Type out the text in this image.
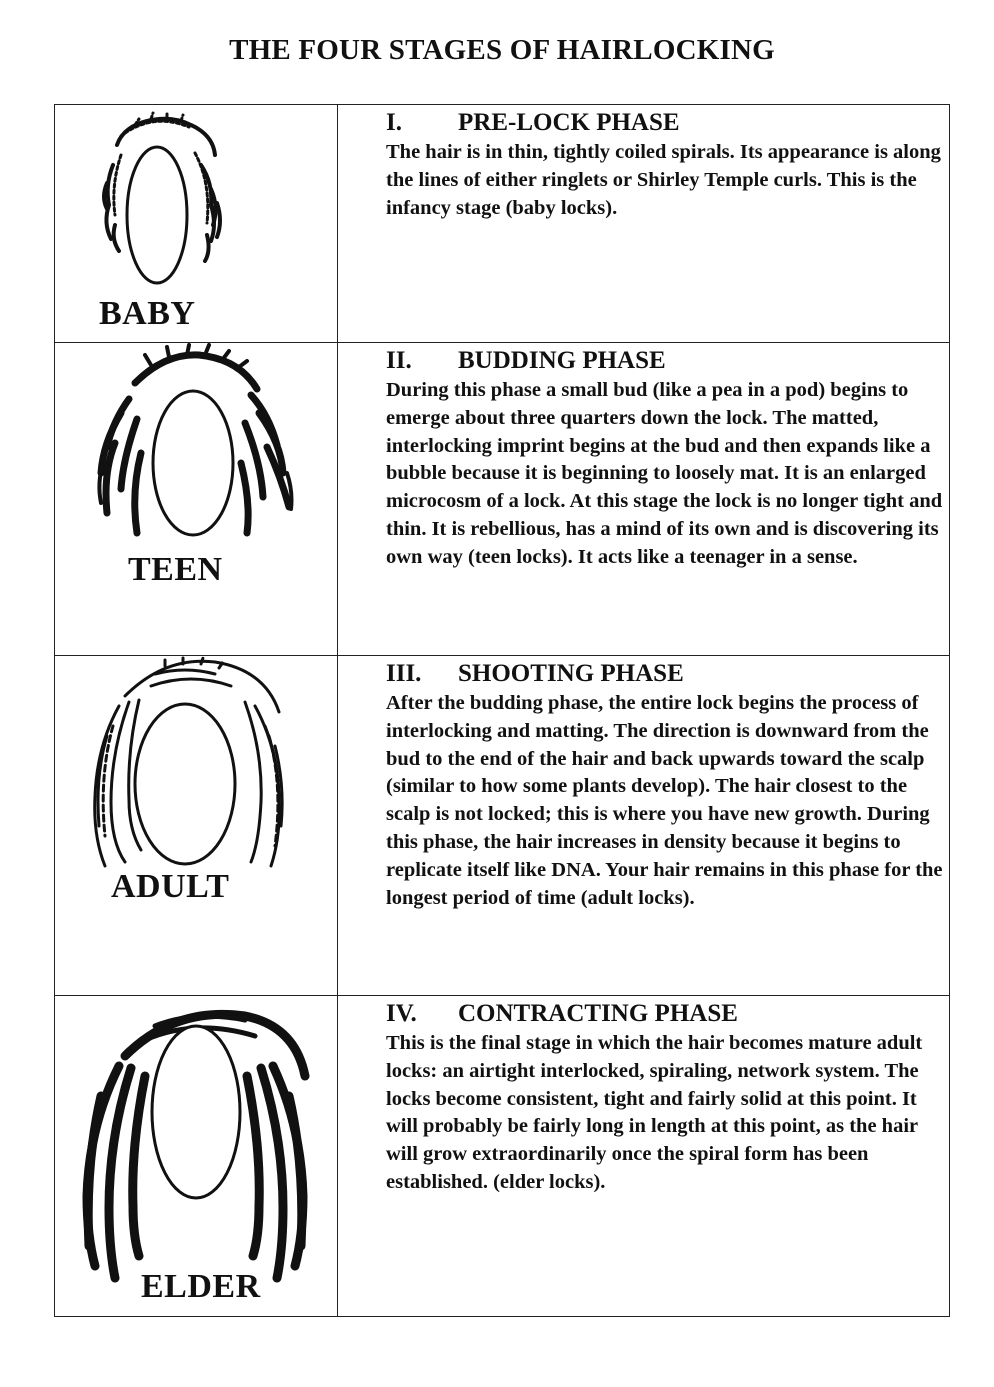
THE FOUR STAGES OF HAIRLOCKING
BABY

I. PRE-LOCK PHASE

The hair is in thin, tightly coiled spirals. Its appearance is along the lines of either ringlets or Shirley Temple curls. This is the infancy stage (baby locks).

TEEN

II. BUDDING PHASE

During this phase a small bud (like a pea in a pod) begins to emerge about three quarters down the lock. The matted, interlocking imprint begins at the bud and then expands like a bubble because it is beginning to loosely mat. It is an enlarged microcosm of a lock. At this stage the lock is no longer tight and thin. It is rebellious, has a mind of its own and is discovering its own way (teen locks). It acts like a teenager in a sense.

ADULT

III. SHOOTING PHASE

After the budding phase, the entire lock begins the process of interlocking and matting. The direction is downward from the bud to the end of the hair and back upwards toward the scalp (similar to how some plants develop). The hair closest to the scalp is not locked; this is where you have new growth. During this phase, the hair increases in density because it begins to replicate itself like DNA. Your hair remains in this phase for the longest period of time (adult locks).

ELDER

IV. CONTRACTING PHASE

This is the final stage in which the hair becomes mature adult locks: an airtight interlocked, spiraling, network system. The locks become consistent, tight and fairly solid at this point. It will probably be fairly long in length at this point, as the hair will grow extraordinarily once the spiral form has been established. (elder locks).
